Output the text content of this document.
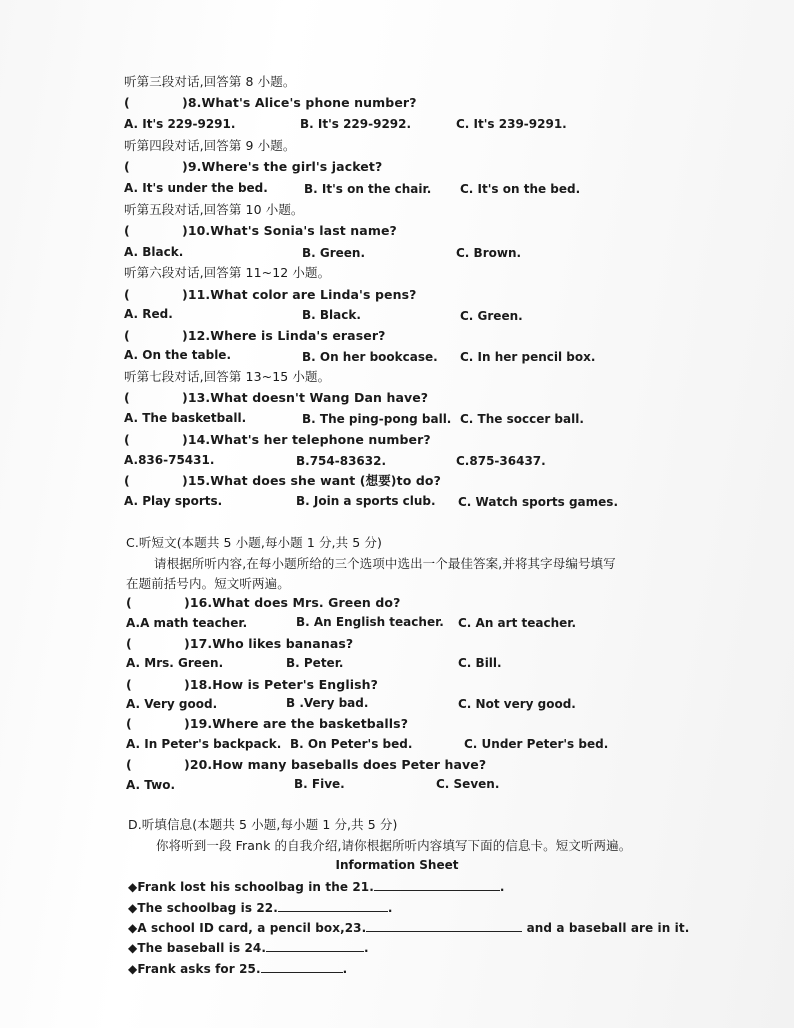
听第三段对话,回答第 8 小题。
(	)8.What's Alice's phone number?
A. It's 229-9291.	B. It's 229-9292.	C. It's 239-9291.
听第四段对话,回答第 9 小题。
(	)9.Where's the girl's jacket?
A. It's under the bed.	B. It's on the chair. C. It's on the bed.
听第五段对话,回答第 10 小题。
(	)10.What's Sonia's last name?
A. Black.	B. Green.	C. Brown.
听第六段对话,回答第 11~12 小题。
(	)11.What color are Linda's pens?
A. Red.	B. Black.	C. Green.
(	)12.Where is Linda's eraser?
A. On the table.	B. On her bookcase. C. In her pencil box.
听第七段对话,回答第 13~15 小题。
(	)13.What doesn't Wang Dan have?
A. The basketball.	B. The ping-pong ball. C. The soccer ball.
(	)14.What's her telephone number?
A.836-75431.	B.754-83632.	C.875-36437.
(	)15.What does she want (想要)to do?
A. Play sports.	B. Join a sports club. C. Watch sports games.
C.听短文(本题共 5 小题,每小题 1 分,共 5 分)
请根据所听内容,在每小题所给的三个选项中选出一个最佳答案,并将其字母编号填写
在题前括号内。短文听两遍。
(	)16.What does Mrs. Green do?
A.A math teacher.	B. An English teacher. C. An art teacher.
(	)17.Who likes bananas?
A. Mrs. Green.	B. Peter.	C. Bill.
(	)18.How is Peter's English?
A. Very good.	B .Very bad.	C. Not very good.
(	)19.Where are the basketballs?
A. In Peter's backpack. B. On Peter's bed.	C. Under Peter's bed.
(	)20.How many baseballs does Peter have?
A. Two.	B. Five.	C. Seven.
D.听填信息(本题共 5 小题,每小题 1 分,共 5 分)
你将听到一段 Frank 的自我介绍,请你根据所听内容填写下面的信息卡。短文听两遍。
Information Sheet
◆Frank lost his schoolbag in the 21.	.
◆The schoolbag is 22.	.
◆A school ID card, a pencil box,23.	and a baseball are in it.
◆The baseball is 24.	.
◆Frank asks for 25.	.
